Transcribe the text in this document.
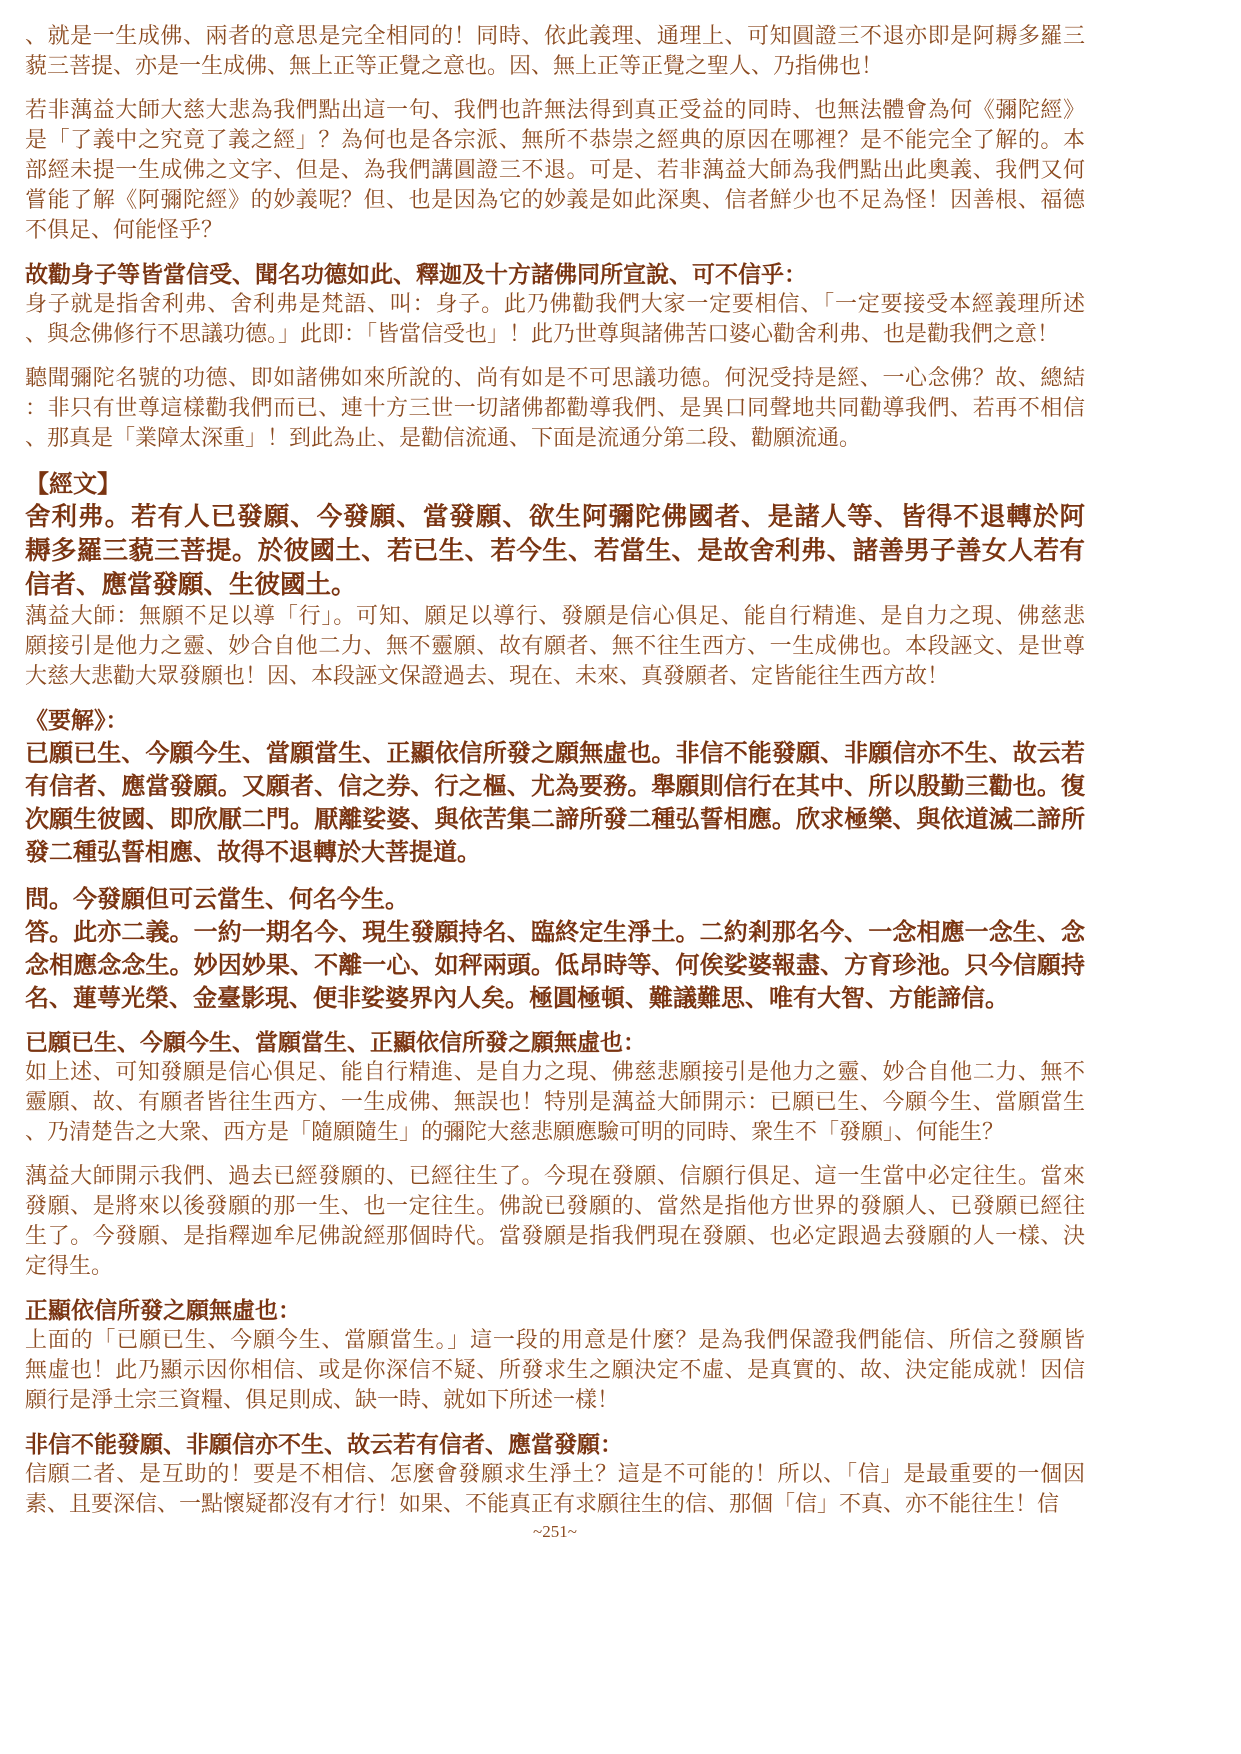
、就是一生成佛、兩者的意思是完全相同的！同時、依此義理、通理上、可知圓證三不退亦即是阿耨多羅三
藐三菩提、亦是一生成佛、無上正等正覺之意也。因、無上正等正覺之聖人、乃指佛也！
若非蕅益大師大慈大悲為我們點出這一句、我們也許無法得到真正受益的同時、也無法體會為何《彌陀經》
是「了義中之究竟了義之經」？為何也是各宗派、無所不恭崇之經典的原因在哪裡？是不能完全了解的。本
部經未提一生成佛之文字、但是、為我們講圓證三不退。可是、若非蕅益大師為我們點出此奧義、我們又何
嘗能了解《阿彌陀經》的妙義呢？但、也是因為它的妙義是如此深奧、信者鮮少也不足為怪！因善根、福德
不俱足、何能怪乎？
故勸身子等皆當信受、聞名功德如此、釋迦及十方諸佛同所宣說、可不信乎：
身子就是指舍利弗、舍利弗是梵語、叫：身子。此乃佛勸我們大家一定要相信、「一定要接受本經義理所述
、與念佛修行不思議功德。」此即：「皆當信受也」！此乃世尊與諸佛苦口婆心勸舍利弗、也是勸我們之意！
聽聞彌陀名號的功德、即如諸佛如來所說的、尚有如是不可思議功德。何況受持是經、一心念佛？故、總結
：非只有世尊這樣勸我們而已、連十方三世一切諸佛都勸導我們、是異口同聲地共同勸導我們、若再不相信
、那真是「業障太深重」！到此為止、是勸信流通、下面是流通分第二段、勸願流通。
【經文】
舍利弗。若有人已發願、今發願、當發願、欲生阿彌陀佛國者、是諸人等、皆得不退轉於阿
耨多羅三藐三菩提。於彼國土、若已生、若今生、若當生、是故舍利弗、諸善男子善女人若有
信者、應當發願、生彼國土。
蕅益大師：無願不足以導「行」。可知、願足以導行、發願是信心俱足、能自行精進、是自力之現、佛慈悲
願接引是他力之靈、妙合自他二力、無不靈願、故有願者、無不往生西方、一生成佛也。本段誣文、是世尊
大慈大悲勸大眾發願也！因、本段誣文保證過去、現在、未來、真發願者、定皆能往生西方故！
《要解》：
已願已生、今願今生、當願當生、正顯依信所發之願無虛也。非信不能發願、非願信亦不生、故云若
有信者、應當發願。又願者、信之券、行之樞、尤為要務。舉願則信行在其中、所以殷勤三勸也。復
次願生彼國、即欣厭二門。厭離娑婆、與依苦集二諦所發二種弘誓相應。欣求極樂、與依道滅二諦所
發二種弘誓相應、故得不退轉於大菩提道。
問。今發願但可云當生、何名今生。
答。此亦二義。一約一期名今、現生發願持名、臨終定生淨土。二約剎那名今、一念相應一念生、念
念相應念念生。妙因妙果、不離一心、如秤兩頭。低昂時等、何俟娑婆報盡、方育珍池。只今信願持
名、蓮萼光榮、金臺影現、便非娑婆界內人矣。極圓極頓、難議難思、唯有大智、方能諦信。
已願已生、今願今生、當願當生、正顯依信所發之願無虛也：
如上述、可知發願是信心俱足、能自行精進、是自力之現、佛慈悲願接引是他力之靈、妙合自他二力、無不
靈願、故、有願者皆往生西方、一生成佛、無誤也！特別是蕅益大師開示：已願已生、今願今生、當願當生
、乃清楚告之大衆、西方是「隨願隨生」的彌陀大慈悲願應驗可明的同時、衆生不「發願」、何能生？
蕅益大師開示我們、過去已經發願的、已經往生了。今現在發願、信願行俱足、這一生當中必定往生。當來
發願、是將來以後發願的那一生、也一定往生。佛說已發願的、當然是指他方世界的發願人、已發願已經往
生了。今發願、是指釋迦牟尼佛說經那個時代。當發願是指我們現在發願、也必定跟過去發願的人一樣、決
定得生。
正顯依信所發之願無虛也：
上面的「已願已生、今願今生、當願當生。」這一段的用意是什麼？是為我們保證我們能信、所信之發願皆
無虛也！此乃顯示因你相信、或是你深信不疑、所發求生之願決定不虛、是真實的、故、決定能成就！因信
願行是淨土宗三資糧、俱足則成、缺一時、就如下所述一樣！
非信不能發願、非願信亦不生、故云若有信者、應當發願：
信願二者、是互助的！要是不相信、怎麼會發願求生淨土？這是不可能的！所以、「信」是最重要的一個因
素、且要深信、一點懷疑都沒有才行！如果、不能真正有求願往生的信、那個「信」不真、亦不能往生！信
~251~
